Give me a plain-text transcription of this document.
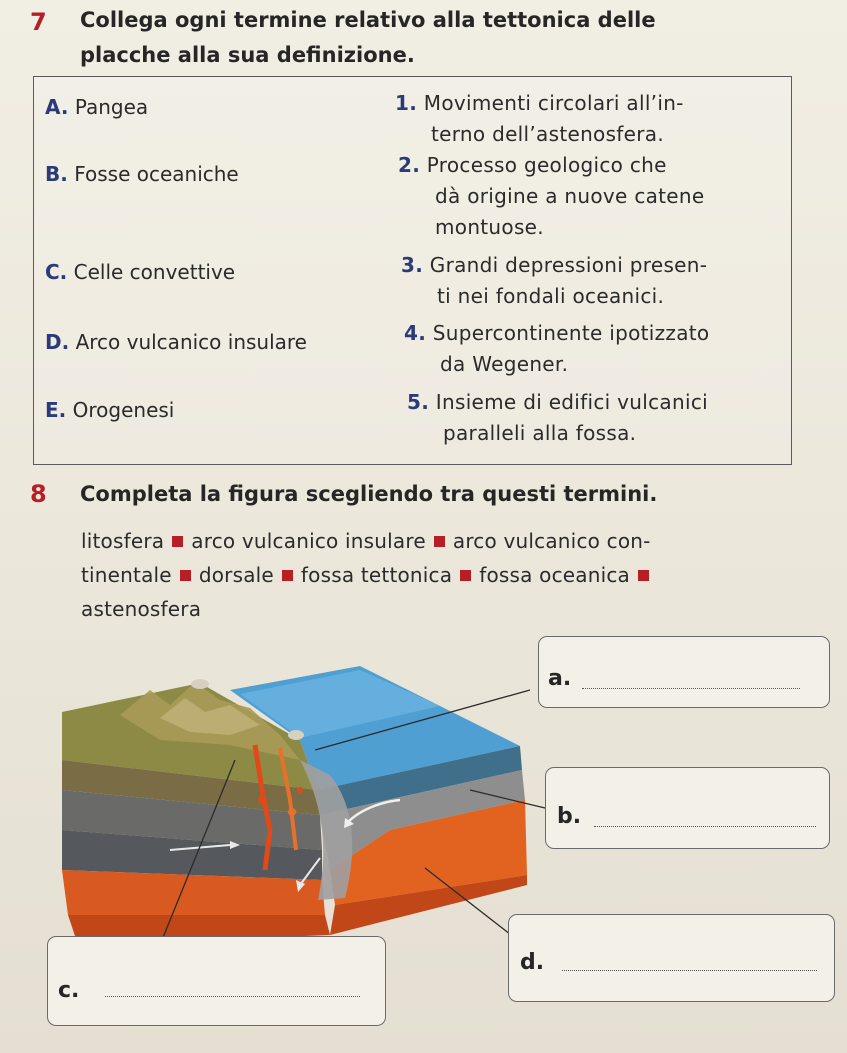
7 Collega ogni termine relativo alla tettonica delle
placche alla sua definizione.
A. Pangea
B. Fosse oceaniche
C. Celle convettive
D. Arco vulcanico insulare
E. Orogenesi
1. Movimenti circolari all’in-
terno dell’astenosfera.
2. Processo geologico che
dà origine a nuove catene
montuose.
3. Grandi depressioni presen-
ti nei fondali oceanici.
4. Supercontinente ipotizzato
da Wegener.
5. Insieme di edifici vulcanici
paralleli alla fossa.
8 Completa la figura scegliendo tra questi termini.
litosfera arco vulcanico insulare arco vulcanico con-
tinentale dorsale fossa tettonica fossa oceanica
astenosfera
a.
b.
c.
d.
